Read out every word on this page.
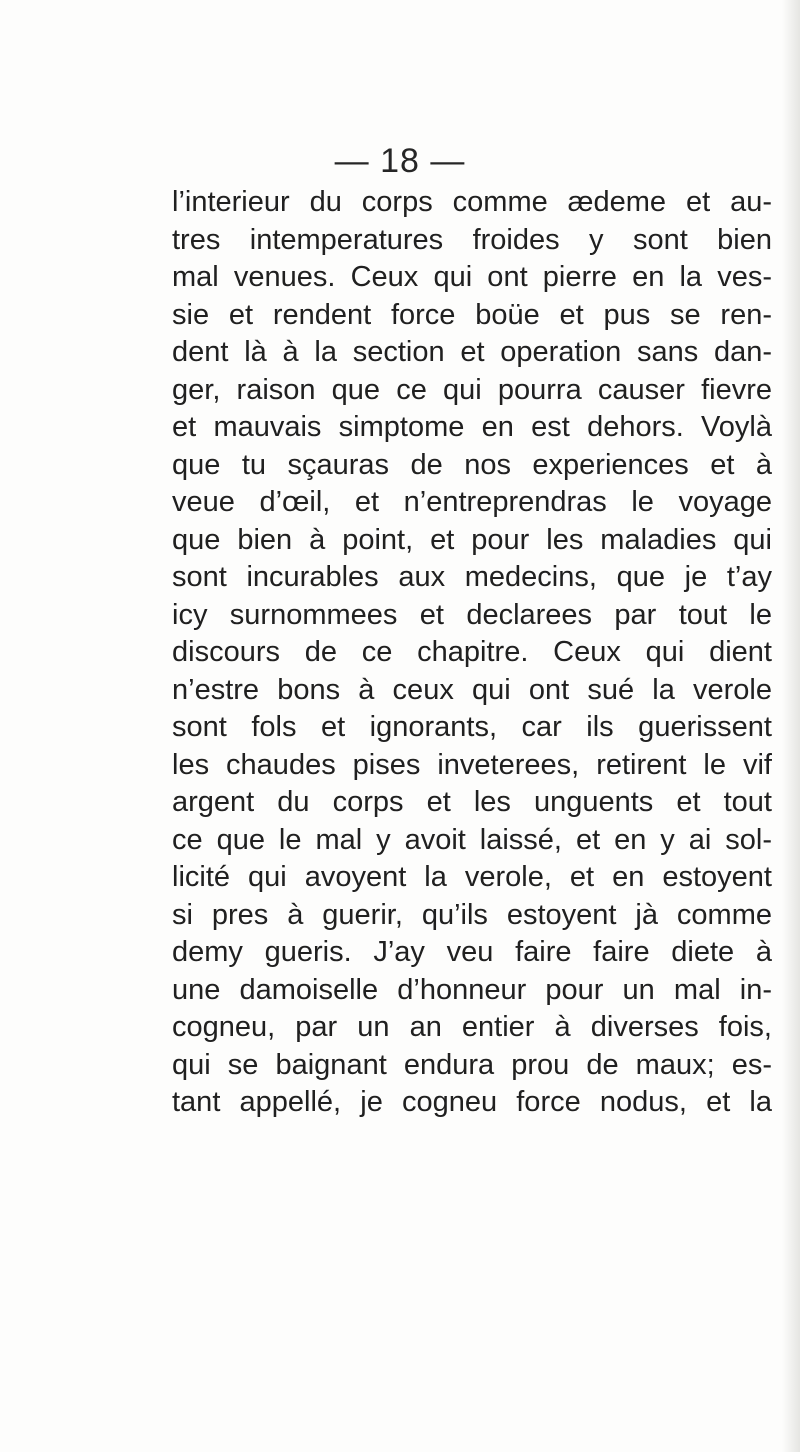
— 18 —
l’interieur du corps comme ædeme et au-
tres intemperatures froides y sont bien
mal venues. Ceux qui ont pierre en la ves-
sie et rendent force boüe et pus se ren-
dent là à la section et operation sans dan-
ger, raison que ce qui pourra causer fievre
et mauvais simptome en est dehors. Voylà
que tu sçauras de nos experiences et à
veue d’œil, et n’entreprendras le voyage
que bien à point, et pour les maladies qui
sont incurables aux medecins, que je t’ay
icy surnommees et declarees par tout le
discours de ce chapitre. Ceux qui dient
n’estre bons à ceux qui ont sué la verole
sont fols et ignorants, car ils guerissent
les chaudes pises inveterees, retirent le vif
argent du corps et les unguents et tout
ce que le mal y avoit laissé, et en y ai sol-
licité qui avoyent la verole, et en estoyent
si pres à guerir, qu’ils estoyent jà comme
demy gueris. J’ay veu faire faire diete à
une damoiselle d’honneur pour un mal in-
cogneu, par un an entier à diverses fois,
qui se baignant endura prou de maux; es-
tant appellé, je cogneu force nodus, et la
